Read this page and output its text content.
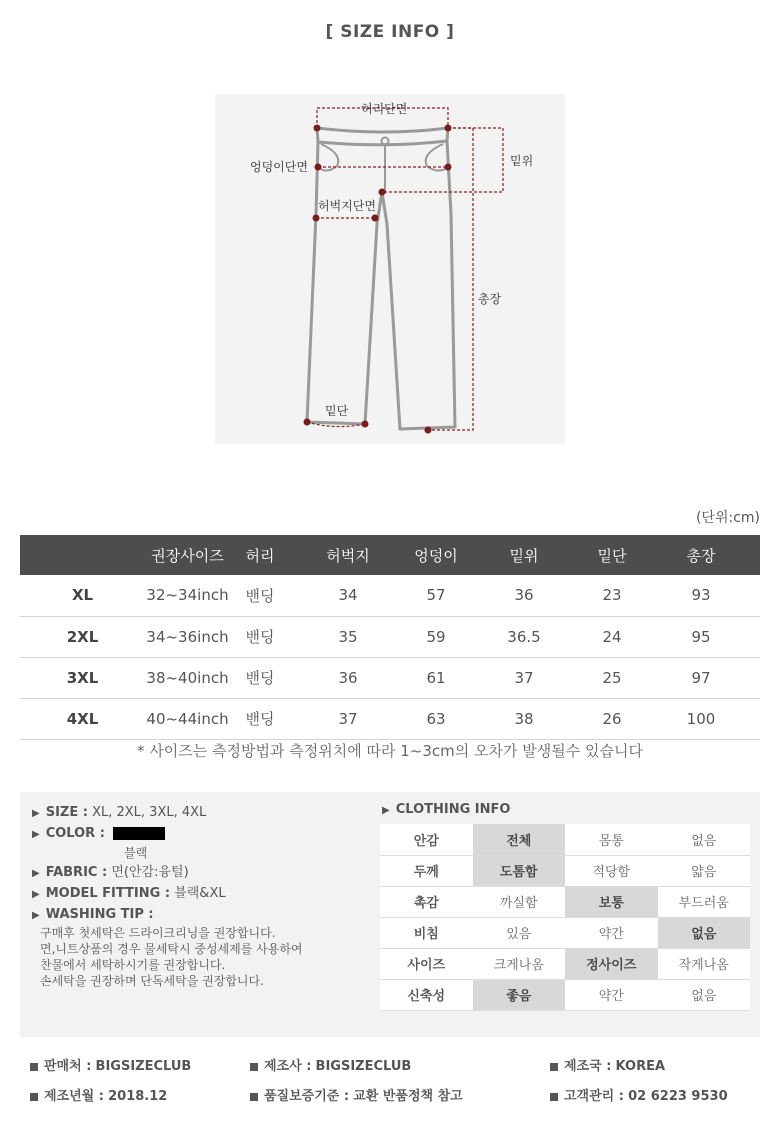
[ SIZE INFO ]
허리단면
엉덩이단면	밑위
허벅지단면
총장
밑단
(단위:cm)
	권장사이즈	허리	허벅지	엉덩이	밑위	밑단	총장
XL	32~34inch	밴딩	34	57	36	23	93
2XL	34~36inch	밴딩	35	59	36.5	24	95
3XL	38~40inch	밴딩	36	61	37	25	97
4XL	40~44inch	밴딩	37	63	38	26	100
* 사이즈는 측정방법과 측정위치에 따라 1~3cm의 오차가 발생될수 있습니다
▶ SIZE : XL, 2XL, 3XL, 4XL
▶ COLOR :
블랙
▶ FABRIC : 면(안감:융털)
▶ MODEL FITTING : 블랙&XL
▶ WASHING TIP :
구매후 첫세탁은 드라이크리닝을 권장합니다.
면,니트상품의 경우 물세탁시 중성세제를 사용하여
찬물에서 세탁하시기를 권장합니다.
손세탁을 권장하며 단독세탁을 권장합니다.
▶ CLOTHING INFO
안감	전체	몸통	없음
두께	도톰함	적당함	얇음
촉감	까실함	보통	부드러움
비침	있음	약간	없음
사이즈	크게나옴	정사이즈	작게나옴
신축성	좋음	약간	없음
판매처 : BIGSIZECLUB	제조사 : BIGSIZECLUB	제조국 : KOREA
제조년월 : 2018.12	품질보증기준 : 교환 반품정책 참고	고객관리 : 02 6223 9530
